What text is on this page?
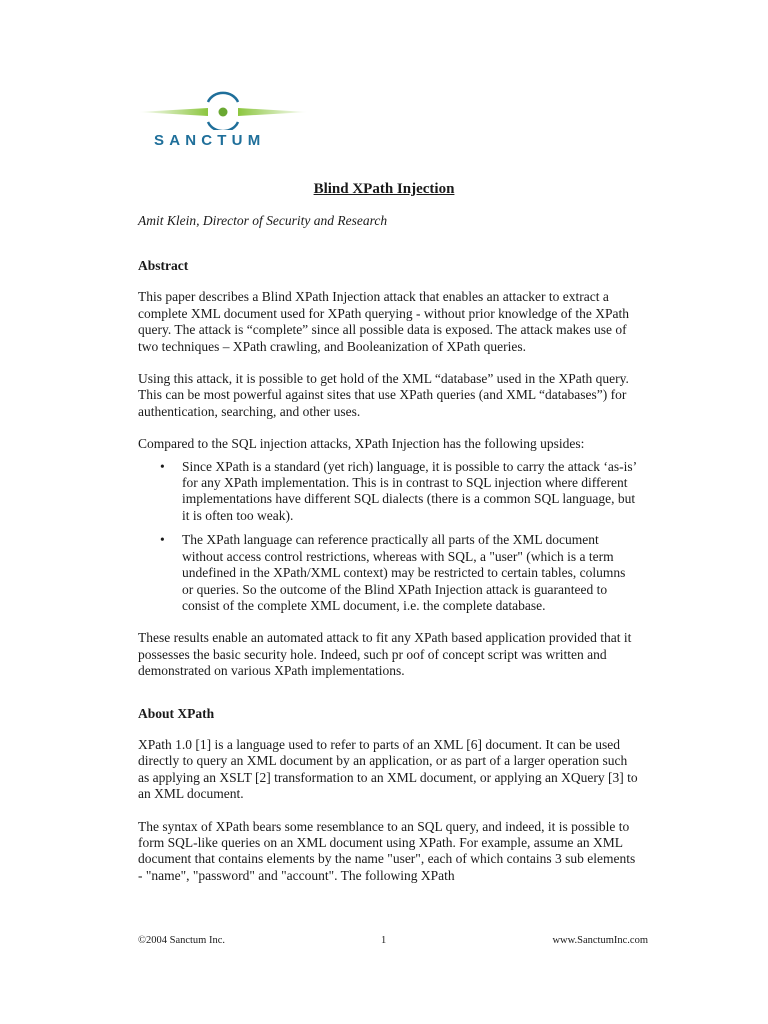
SANCTUM
Blind XPath Injection
Amit Klein, Director of Security and Research
Abstract

This paper describes a Blind XPath Injection attack that enables an attacker to extract a complete XML document used for XPath querying - without prior knowledge of the XPath query. The attack is “complete” since all possible data is exposed. The attack makes use of two techniques – XPath crawling, and Booleanization of XPath queries.

Using this attack, it is possible to get hold of the XML “database” used in the XPath query. This can be most powerful against sites that use XPath queries (and XML “databases”) for authentication, searching, and other uses.

Compared to the SQL injection attacks, XPath Injection has the following upsides:

• Since XPath is a standard (yet rich) language, it is possible to carry the attack ‘as-is’ for any XPath implementation. This is in contrast to SQL injection where different implementations have different SQL dialects (there is a common SQL language, but it is often too weak).
• The XPath language can reference practically all parts of the XML document without access control restrictions, whereas with SQL, a "user" (which is a term undefined in the XPath/XML context) may be restricted to certain tables, columns or queries. So the outcome of the Blind XPath Injection attack is guaranteed to consist of the complete XML document, i.e. the complete database.

These results enable an automated attack to fit any XPath based application provided that it possesses the basic security hole. Indeed, such pr oof of concept script was written and demonstrated on various XPath implementations.

About XPath

XPath 1.0 [1] is a language used to refer to parts of an XML [6] document. It can be used directly to query an XML document by an application, or as part of a larger operation such as applying an XSLT [2] transformation to an XML document, or applying an XQuery [3] to an XML document.

The syntax of XPath bears some resemblance to an SQL query, and indeed, it is possible to form SQL-like queries on an XML document using XPath. For example, assume an XML document that contains elements by the name "user", each of which contains 3 sub elements - "name", "password" and "account". The following XPath

©2004 Sanctum Inc.	1	www.SanctumInc.com
